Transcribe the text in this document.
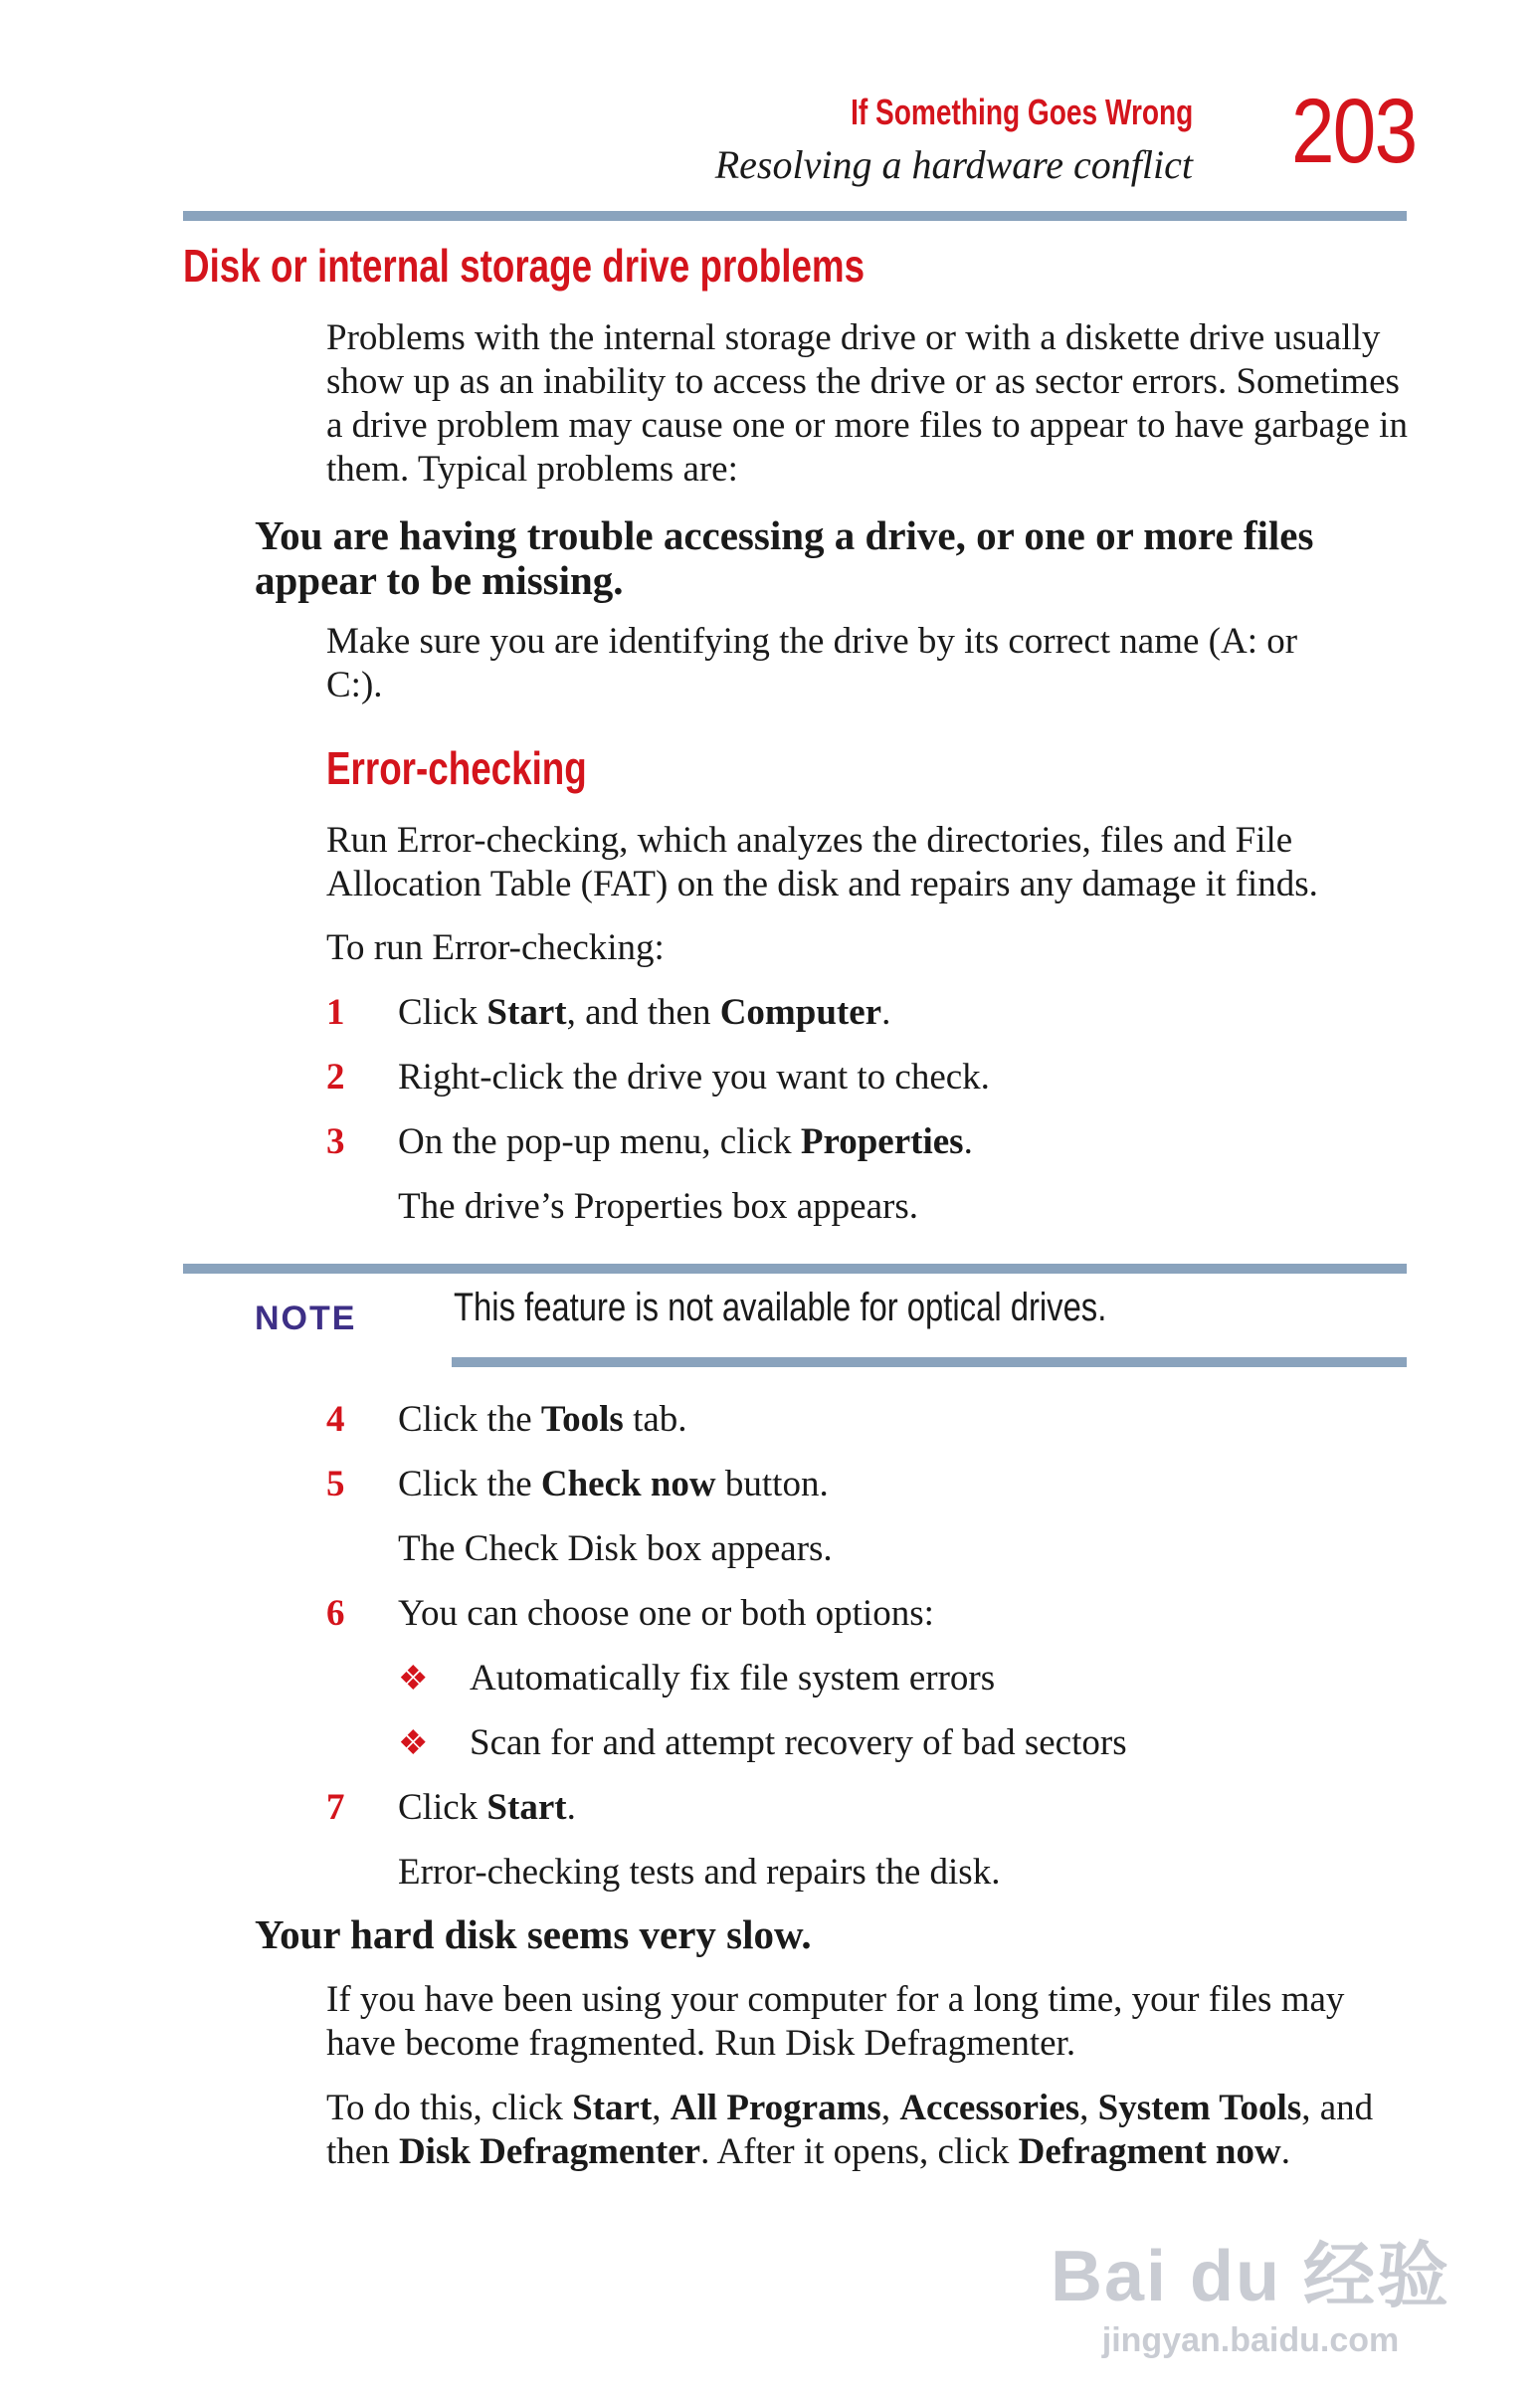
If Something Goes Wrong
Resolving a hardware conflict 203
Disk or internal storage drive problems

Problems with the internal storage drive or with a diskette drive usually show up as an inability to access the drive or as sector errors. Sometimes a drive problem may cause one or more files to appear to have garbage in them. Typical problems are:

You are having trouble accessing a drive, or one or more files appear to be missing.

Make sure you are identifying the drive by its correct name (A: or C:).

Error-checking

Run Error-checking, which analyzes the directories, files and File Allocation Table (FAT) on the disk and repairs any damage it finds.

To run Error-checking:

1 Click Start, and then Computer.
2 Right-click the drive you want to check.
3 On the pop-up menu, click Properties.
The drive’s Properties box appears.
NOTE This feature is not available for optical drives.
4 Click the Tools tab.
5 Click the Check now button.
The Check Disk box appears.
6 You can choose one or both options:
❖ Automatically fix file system errors
❖ Scan for and attempt recovery of bad sectors
7 Click Start.
Error-checking tests and repairs the disk.

Your hard disk seems very slow.

If you have been using your computer for a long time, your files may have become fragmented. Run Disk Defragmenter.

To do this, click Start, All Programs, Accessories, System Tools, and then Disk Defragmenter. After it opens, click Defragment now.

Bai du 经验
jingyan.baidu.com
